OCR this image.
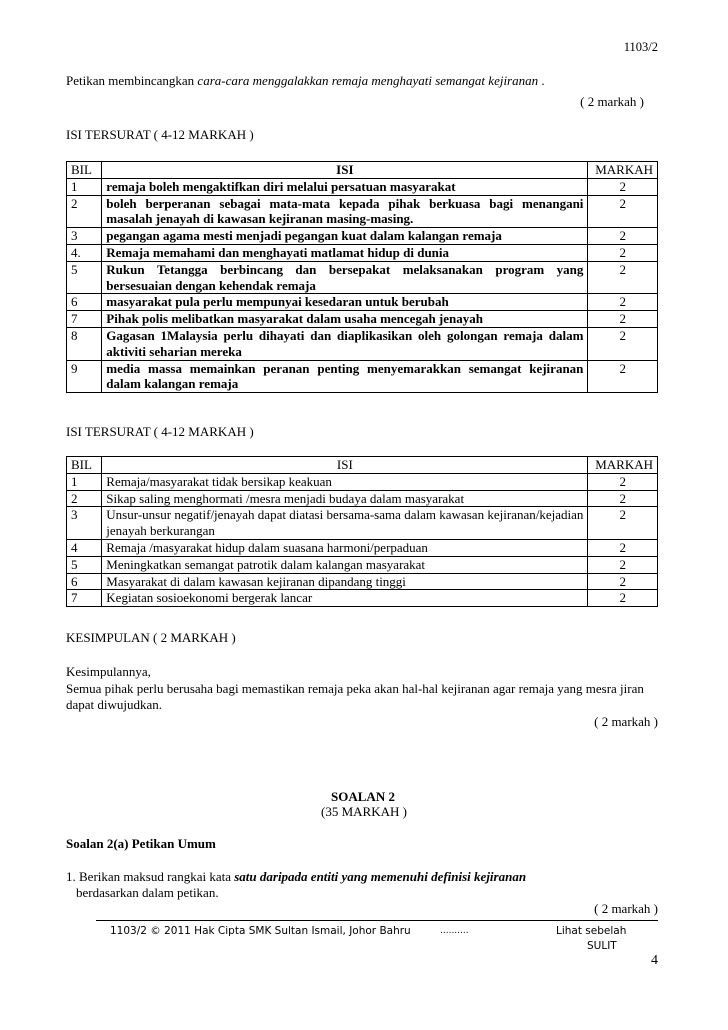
1103/2
Petikan membincangkan cara-cara menggalakkan remaja menghayati semangat kejiranan .
( 2 markah )
ISI TERSURAT ( 4-12 MARKAH )
BIL	ISI	MARKAH
1	remaja boleh mengaktifkan diri melalui persatuan masyarakat	2
2	boleh berperanan sebagai mata-mata kepada pihak berkuasa bagi menangani masalah jenayah di kawasan kejiranan masing-masing.	2
3	pegangan agama mesti menjadi pegangan kuat dalam kalangan remaja	2
4.	Remaja memahami dan menghayati matlamat hidup di dunia	2
5	Rukun Tetangga berbincang dan bersepakat melaksanakan program yang bersesuaian dengan kehendak remaja	2
6	masyarakat pula perlu mempunyai kesedaran untuk berubah	2
7	Pihak polis melibatkan masyarakat dalam usaha mencegah jenayah	2
8	Gagasan 1Malaysia perlu dihayati dan diaplikasikan oleh golongan remaja dalam aktiviti seharian mereka	2
9	media massa memainkan peranan penting menyemarakkan semangat kejiranan dalam kalangan remaja	2
ISI TERSURAT ( 4-12 MARKAH )
BIL	ISI	MARKAH
1	Remaja/masyarakat tidak bersikap keakuan	2
2	Sikap saling menghormati /mesra menjadi budaya dalam masyarakat	2
3	Unsur-unsur negatif/jenayah dapat diatasi bersama-sama dalam kawasan kejiranan/kejadian jenayah berkurangan	2
4	Remaja /masyarakat hidup dalam suasana harmoni/perpaduan	2
5	Meningkatkan semangat patrotik dalam kalangan masyarakat	2
6	Masyarakat di dalam kawasan kejiranan dipandang tinggi	2
7	Kegiatan sosioekonomi bergerak lancar	2
KESIMPULAN ( 2 MARKAH )
Kesimpulannya,
Semua pihak perlu berusaha bagi memastikan remaja peka akan hal-hal kejiranan agar remaja yang mesra jiran dapat diwujudkan.
( 2 markah )
SOALAN 2
(35 MARKAH )
Soalan 2(a) Petikan Umum
1. Berikan maksud rangkai kata satu daripada entiti yang memenuhi definisi kejiranan
berdasarkan dalam petikan.
( 2 markah )
1103/2 © 2011 Hak Cipta SMK Sultan Ismail, Johor Bahru	..........	Lihat sebelah
SULIT
4
